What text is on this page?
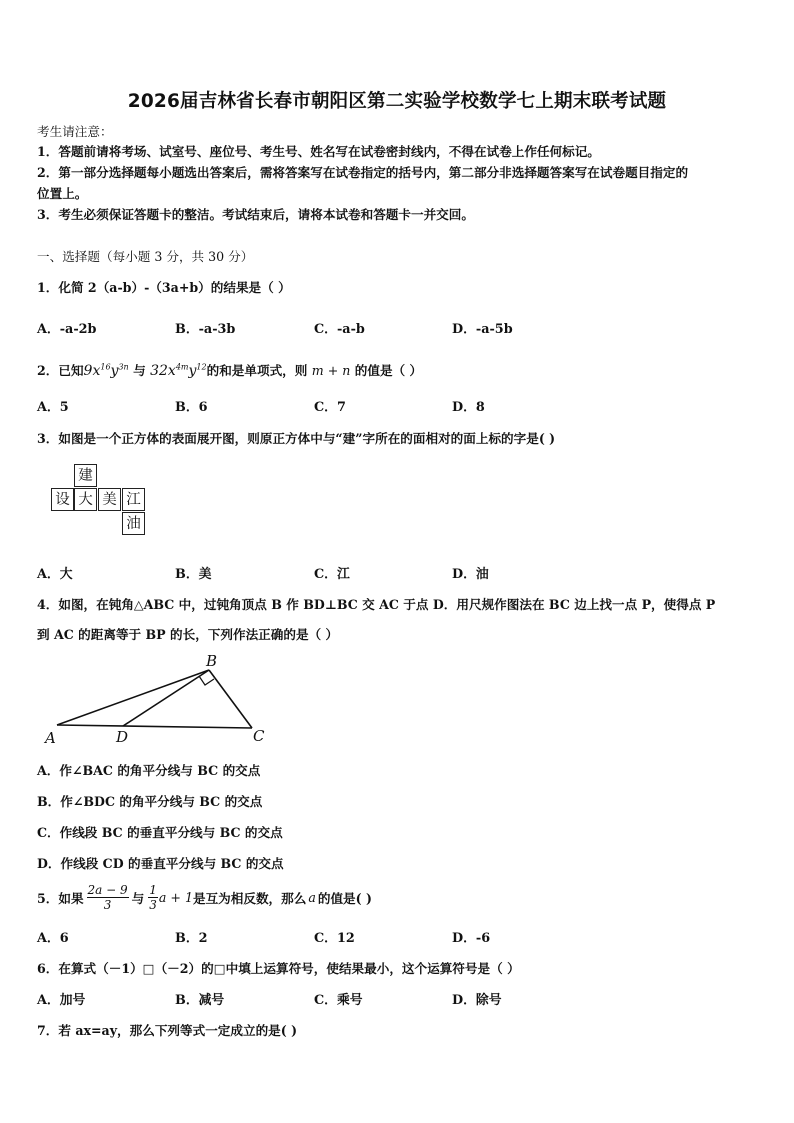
2026届吉林省长春市朝阳区第二实验学校数学七上期末联考试题
考生请注意：
1．答题前请将考场、试室号、座位号、考生号、姓名写在试卷密封线内，不得在试卷上作任何标记。
2．第一部分选择题每小题选出答案后，需将答案写在试卷指定的括号内，第二部分非选择题答案写在试卷题目指定的
位置上。
3．考生必须保证答题卡的整洁。考试结束后，请将本试卷和答题卡一并交回。
一、选择题（每小题 3 分，共 30 分）
1．化简 2（a-b）-（3a+b）的结果是（ ）
A．-a-2b	B．-a-3b	C．-a-b	D．-a-5b
2．已知$9x^{16}y^{3n}$ 与 $32x^{4m}y^{12}$的和是单项式，则 m + n 的值是（ ）
A．5	B．6	C．7	D．8
3．如图是一个正方体的表面展开图，则原正方体中与“建”字所在的面相对的面上标的字是( )
建
设 大 美 江
油
A．大	B．美	C．江	D．油
4．如图，在钝角△ABC 中，过钝角顶点 B 作 BD⊥BC 交 AC 于点 D．用尺规作图法在 BC 边上找一点 P，使得点 P
到 AC 的距离等于 BP 的长，下列作法正确的是（ ）
A
B
C
D
A．作∠BAC 的角平分线与 BC 的交点
B．作∠BDC 的角平分线与 BC 的交点
C．作线段 BC 的垂直平分线与 BC 的交点
D．作线段 CD 的垂直平分线与 BC 的交点
5．如果 $\frac{2a - 9}{3}$ 与 $\frac{1}{3}$ a + 1 是互为相反数，那么 a 的值是( )
A．6	B．2	C．12	D．-6
6．在算式（－1）□（－2）的□中填上运算符号，使结果最小，这个运算符号是（ ）
A．加号	B．减号	C．乘号	D．除号
7．若 ax=ay，那么下列等式一定成立的是( )
